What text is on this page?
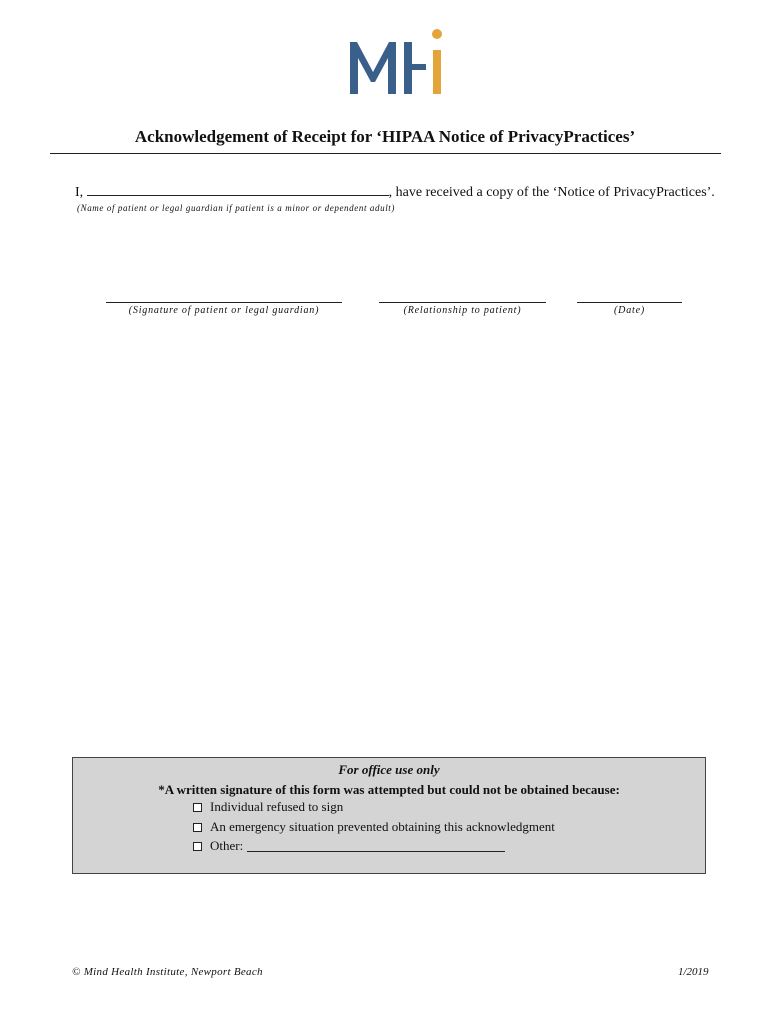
Acknowledgement of Receipt for ‘HIPAA Notice of PrivacyPractices’
I,	, have received a copy of the ‘Notice of PrivacyPractices’.
(Name of patient or legal guardian if patient is a minor or dependent adult)
(Signature of patient or legal guardian)	(Relationship to patient)	(Date)
For office use only
*A written signature of this form was attempted but could not be obtained because:
Individual refused to sign
An emergency situation prevented obtaining this acknowledgment
Other:
© Mind Health Institute, Newport Beach	1/2019
